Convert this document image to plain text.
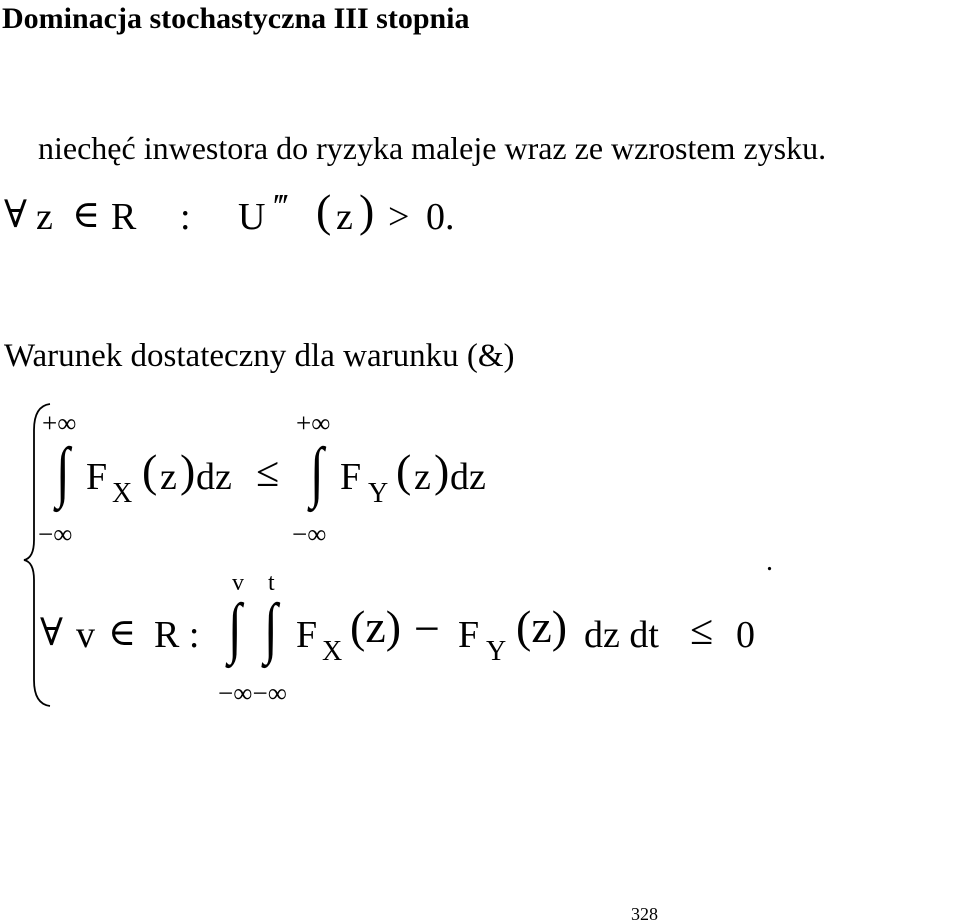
Dominacja stochastyczna III stopnia
niechęć inwestora do ryzyka maleje wraz ze wzrostem zysku.
∀ z ∈ R : U ‴ ( z ) > 0.
Warunek dostateczny dla warunku (&)
+∞
∫
−∞
F X ( z ) dz ≤
+∞
∫
−∞
F Y ( z ) dz
.
∀ v ∈ R :
v t
∫ ∫
−∞−∞
F X (z) − F Y (z) dz dt ≤ 0
328
